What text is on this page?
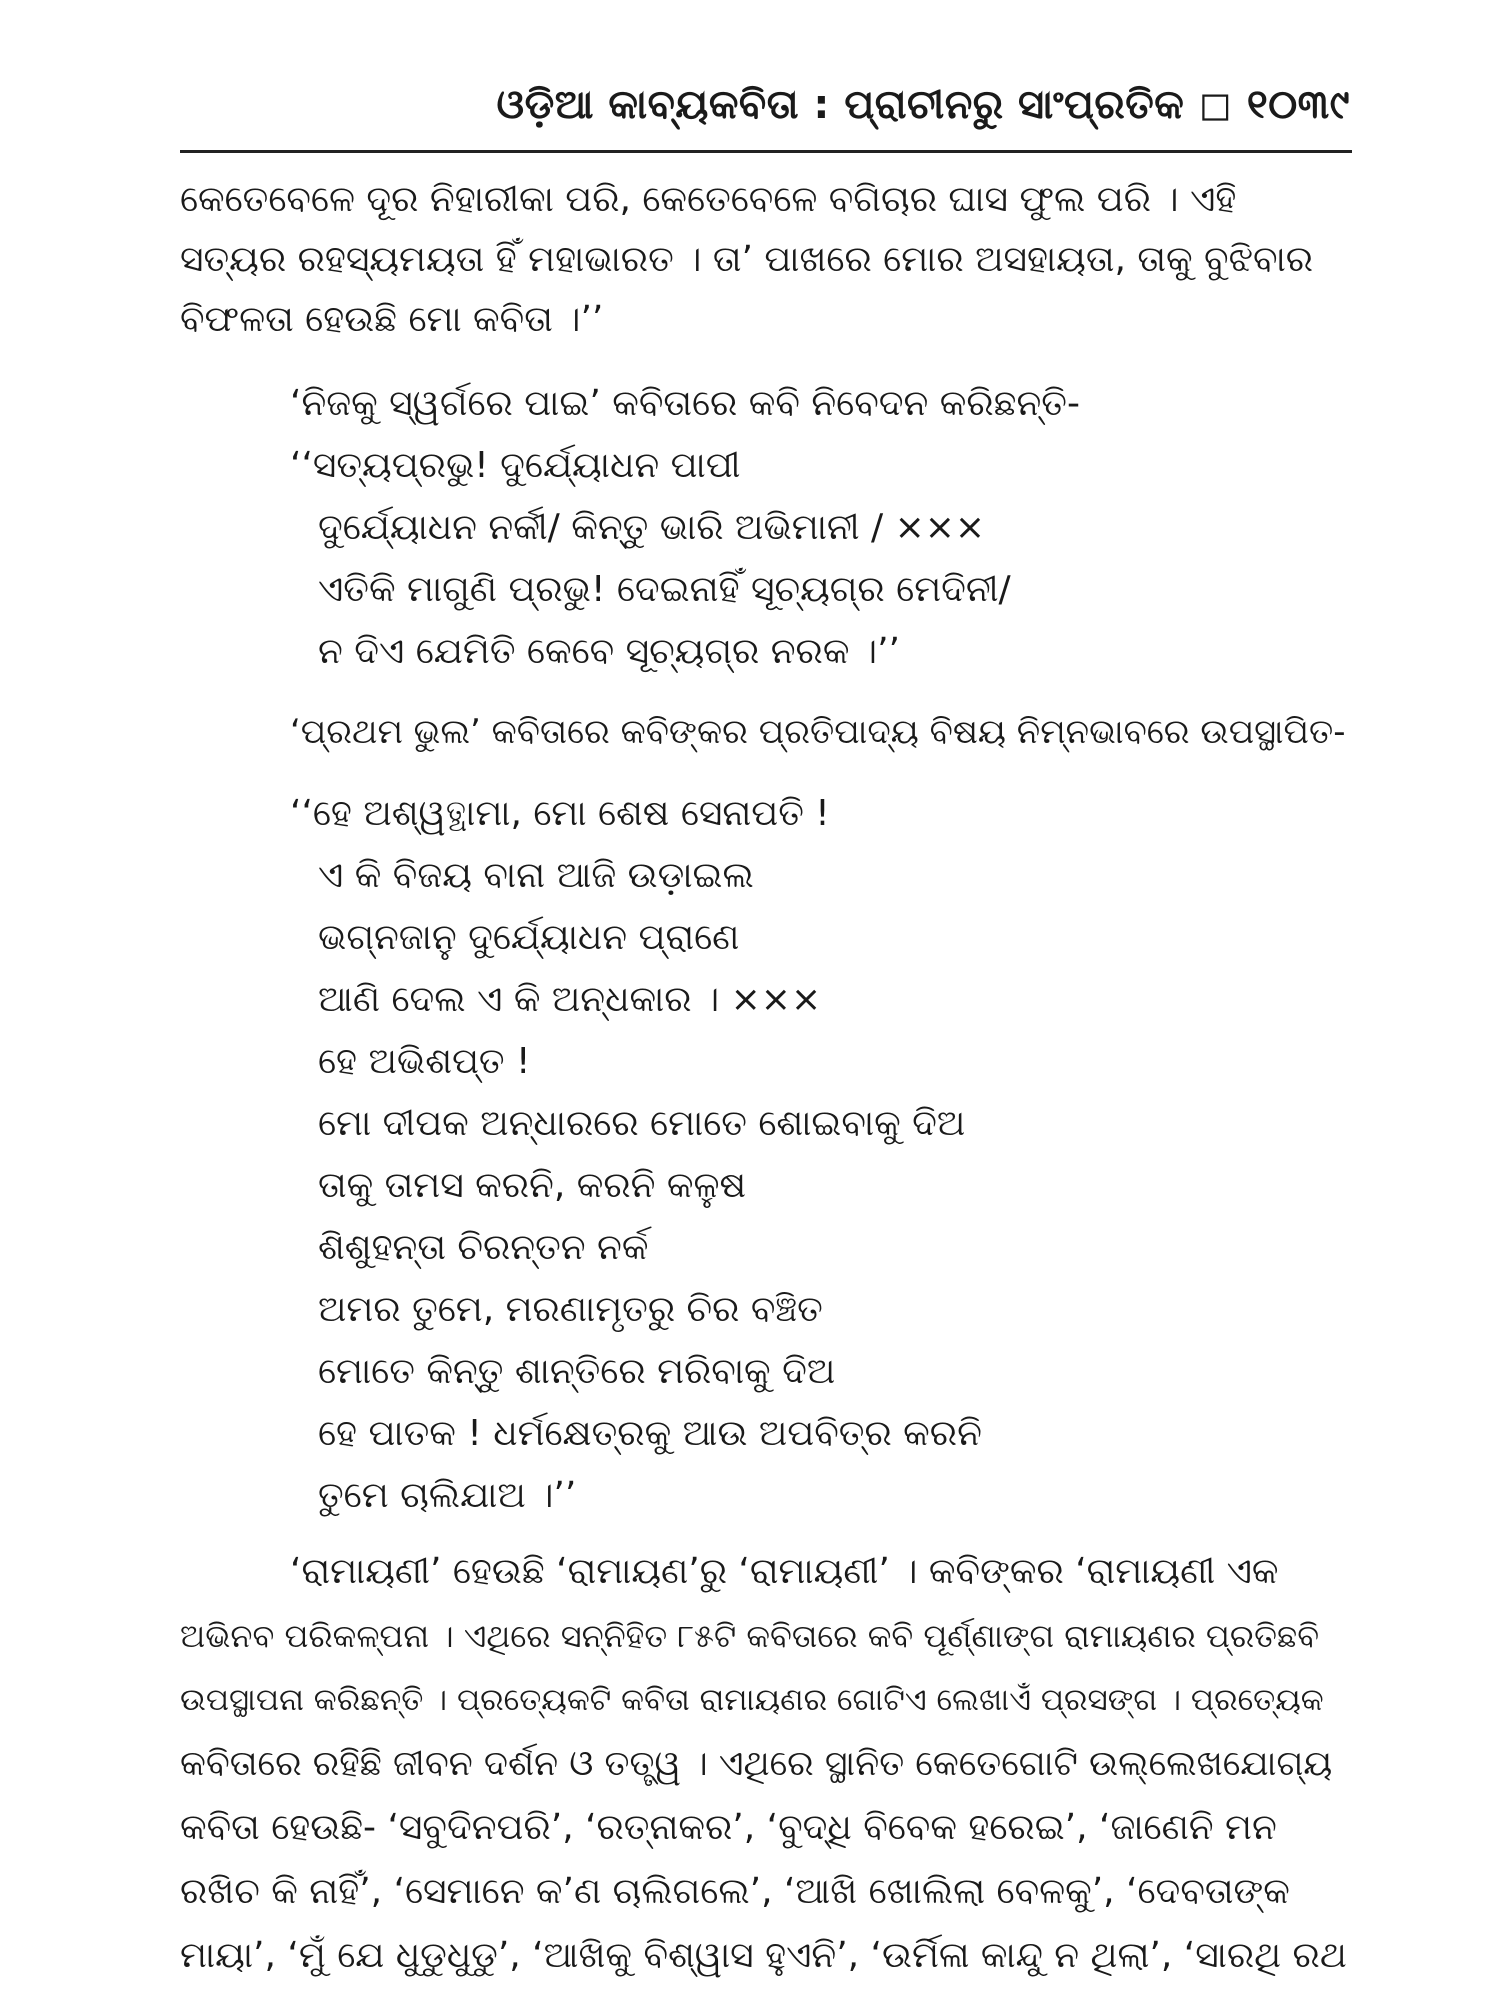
ଓଡ଼ିଆ କାବ୍ୟକବିତା : ପ୍ରାଚୀନରୁ ସାଂପ୍ରତିକ ◻ ୧୦୩୯
କେତେବେଳେ ଦୂର ନିହାରୀକା ପରି, କେତେବେଳେ ବଗିଚାର ଘାସ ଫୁଲ ପରି । ଏହି
ସତ୍ୟର ରହସ୍ୟମୟତା ହିଁ ମହାଭାରତ । ତା’ ପାଖରେ ମୋର ଅସହାୟତା, ତାକୁ ବୁଝିବାର
ବିଫଳତା ହେଉଛି ମୋ କବିତା ।’’
‘ନିଜକୁ ସ୍ୱର୍ଗରେ ପାଇ’ କବିତାରେ କବି ନିବେଦନ କରିଛନ୍ତି-
‘‘ସତ୍ୟପ୍ରଭୁ! ଦୁର୍ଯ୍ୟୋଧନ ପାପୀ
ଦୁର୍ଯ୍ୟୋଧନ ନର୍କୀ/ କିନ୍ତୁ ଭାରି ଅଭିମାନୀ / ×××
ଏତିକି ମାଗୁଣି ପ୍ରଭୁ! ଦେଇନାହିଁ ସୂଚ୍ୟଗ୍ର ମେଦିନୀ/
ନ ଦିଏ ଯେମିତି କେବେ ସୂଚ୍ୟଗ୍ର ନରକ ।’’
‘ପ୍ରଥମ ଭୁଲ’ କବିତାରେ କବିଙ୍କର ପ୍ରତିପାଦ୍ୟ ବିଷୟ ନିମ୍ନଭାବରେ ଉପସ୍ଥାପିତ-
‘‘ହେ ଅଶ୍ୱତ୍ଥାମା, ମୋ ଶେଷ ସେନାପତି !
ଏ କି ବିଜୟ ବାନା ଆଜି ଉଡ଼ାଇଲ
ଭଗ୍ନଜାନୁ ଦୁର୍ଯ୍ୟୋଧନ ପ୍ରାଣେ
ଆଣି ଦେଲ ଏ କି ଅନ୍ଧକାର । ×××
ହେ ଅଭିଶପ୍ତ !
ମୋ ଦୀପକ ଅନ୍ଧାରରେ ମୋତେ ଶୋଇବାକୁ ଦିଅ
ତାକୁ ତାମସ କରନି, କରନି କଳୁଷ
ଶିଶୁହନ୍ତା ଚିରନ୍ତନ ନର୍କ
ଅମର ତୁମେ, ମରଣାମୃତରୁ ଚିର ବଞ୍ଚିତ
ମୋତେ କିନ୍ତୁ ଶାନ୍ତିରେ ମରିବାକୁ ଦିଅ
ହେ ପାତକ ! ଧର୍ମକ୍ଷେତ୍ରକୁ ଆଉ ଅପବିତ୍ର କରନି
ତୁମେ ଚାଲିଯାଅ ।’’
‘ରାମାୟଣୀ’ ହେଉଛି ‘ରାମାୟଣ’ରୁ ‘ରାମାୟଣୀ’ । କବିଙ୍କର ‘ରାମାୟଣୀ ଏକ
ଅଭିନବ ପରିକଳ୍ପନା । ଏଥିରେ ସନ୍ନିହିତ ୮୫ଟି କବିତାରେ କବି ପୂର୍ଣ୍ଣାଙ୍ଗ ରାମାୟଣର ପ୍ରତିଛବି
ଉପସ୍ଥାପନା କରିଛନ୍ତି । ପ୍ରତ୍ୟେକଟି କବିତା ରାମାୟଣର ଗୋଟିଏ ଲେଖାଏଁ ପ୍ରସଙ୍ଗ । ପ୍ରତ୍ୟେକ
କବିତାରେ ରହିଛି ଜୀବନ ଦର୍ଶନ ଓ ତତ୍ତ୍ୱ । ଏଥିରେ ସ୍ଥାନିତ କେତେଗୋଟି ଉଲ୍ଲେଖଯୋଗ୍ୟ
କବିତା ହେଉଛି- ‘ସବୁଦିନପରି’, ‘ରତ୍ନାକର’, ‘ବୁଦ୍ଧି ବିବେକ ହରେଇ’, ‘ଜାଣେନି ମନ
ରଖିଚ କି ନାହିଁ’, ‘ସେମାନେ କ’ଣ ଚାଲିଗଲେ’, ‘ଆଖି ଖୋଲିଲା ବେଳକୁ’, ‘ଦେବତାଙ୍କ
ମାୟା’, ‘ମୁଁ ଯେ ଧୁଡୁଧୁଡୁ’, ‘ଆଖିକୁ ବିଶ୍ୱାସ ହୁଏନି’, ‘ଉର୍ମିଳା କାନ୍ଦୁ ନ ଥିଲା’, ‘ସାରଥି ରଥ
